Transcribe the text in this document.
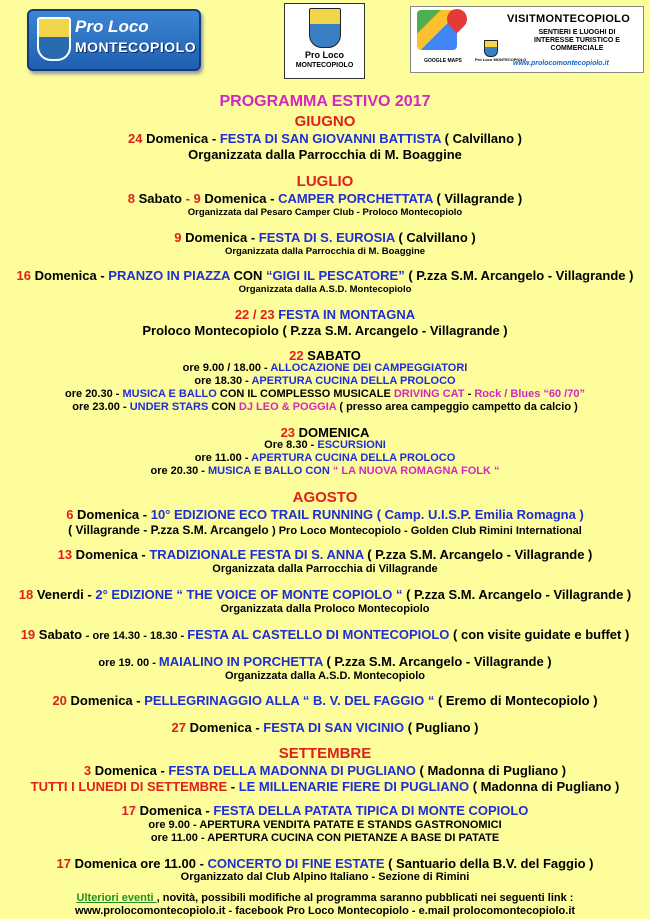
Pro Loco
MONTECOPIOLO	Pro Loco
MONTECOPIOLO
GOOGLE MAPS	Pro Loco MONTECOPIOLO
VISITMONTECOPIOLO
SENTIERI E LUOGHI DI INTERESSE TURISTICO E COMMERCIALE
www.prolocomontecopiolo.it
PROGRAMMA ESTIVO 2017
GIUGNO
24 Domenica - FESTA DI SAN GIOVANNI BATTISTA ( Calvillano )
Organizzata dalla Parrocchia di M. Boaggine
LUGLIO
8 Sabato - 9 Domenica - CAMPER PORCHETTATA ( Villagrande )
Organizzata dal Pesaro Camper Club - Proloco Montecopiolo
9 Domenica - FESTA DI S. EUROSIA ( Calvillano )
Organizzata dalla Parrocchia di M. Boaggine
16 Domenica - PRANZO IN PIAZZA CON “GIGI IL PESCATORE” ( P.zza S.M. Arcangelo - Villagrande )
Organizzata dalla A.S.D. Montecopiolo
22 / 23 FESTA IN MONTAGNA
Proloco Montecopiolo ( P.zza S.M. Arcangelo - Villagrande )
22 SABATO
ore 9.00 / 18.00 - ALLOCAZIONE DEI CAMPEGGIATORI
ore 18.30 - APERTURA CUCINA DELLA PROLOCO
ore 20.30 - MUSICA E BALLO CON IL COMPLESSO MUSICALE DRIVING CAT - Rock / Blues “60 /70”
ore 23.00 - UNDER STARS CON DJ LEO & POGGIA ( presso area campeggio campetto da calcio )
23 DOMENICA
Ore 8.30 - ESCURSIONI
ore 11.00 - APERTURA CUCINA DELLA PROLOCO
ore 20.30 - MUSICA E BALLO CON “ LA NUOVA ROMAGNA FOLK “
AGOSTO
6 Domenica - 10° EDIZIONE ECO TRAIL RUNNING ( Camp. U.I.S.P. Emilia Romagna )
( Villagrande - P.zza S.M. Arcangelo ) Pro Loco Montecopiolo - Golden Club Rimini International
13 Domenica - TRADIZIONALE FESTA DI S. ANNA ( P.zza S.M. Arcangelo - Villagrande )
Organizzata dalla Parrocchia di Villagrande
18 Venerdi - 2° EDIZIONE “ THE VOICE OF MONTE COPIOLO “ ( P.zza S.M. Arcangelo - Villagrande )
Organizzata dalla Proloco Montecopiolo
19 Sabato - ore 14.30 - 18.30 - FESTA AL CASTELLO DI MONTECOPIOLO ( con visite guidate e buffet )
ore 19. 00 - MAIALINO IN PORCHETTA ( P.zza S.M. Arcangelo - Villagrande )
Organizzata dalla A.S.D. Montecopiolo
20 Domenica - PELLEGRINAGGIO ALLA “ B. V. DEL FAGGIO “ ( Eremo di Montecopiolo )
27 Domenica - FESTA DI SAN VICINIO ( Pugliano )
SETTEMBRE
3 Domenica - FESTA DELLA MADONNA DI PUGLIANO ( Madonna di Pugliano )
TUTTI I LUNEDI DI SETTEMBRE - LE MILLENARIE FIERE DI PUGLIANO ( Madonna di Pugliano )
17 Domenica - FESTA DELLA PATATA TIPICA DI MONTE COPIOLO
ore 9.00 - APERTURA VENDITA PATATE E STANDS GASTRONOMICI
ore 11.00 - APERTURA CUCINA CON PIETANZE A BASE DI PATATE
17 Domenica ore 11.00 - CONCERTO DI FINE ESTATE ( Santuario della B.V. del Faggio )
Organizzato dal Club Alpino Italiano - Sezione di Rimini
Ulteriori eventi , novità, possibili modifiche al programma saranno pubblicati nei seguenti link :
www.prolocomontecopiolo.it - facebook Pro Loco Montecopiolo - e.mail prolocomontecopiolo.it
